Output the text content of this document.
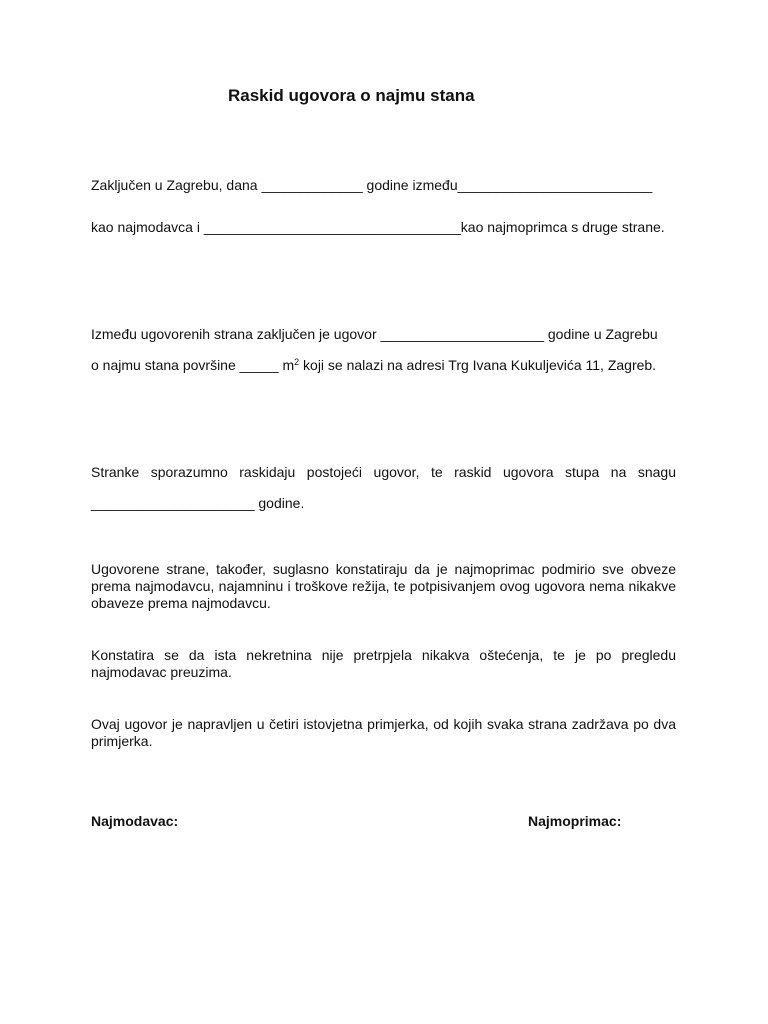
Raskid ugovora o najmu stana
Zaključen u Zagrebu, dana _____________ godine između_________________________
kao najmodavca i _________________________________kao najmoprimca s druge strane.
Između ugovorenih strana zaključen je ugovor _____________________ godine u Zagrebu
o najmu stana površine _____ $m^2$ koji se nalazi na adresi Trg Ivana Kukuljevića 11, Zagreb.
Stranke sporazumno raskidaju postojeći ugovor, te raskid ugovora stupa na snagu
_____________________ godine.
Ugovorene strane, također, suglasno konstatiraju da je najmoprimac podmirio sve obveze prema najmodavcu, najamninu i troškove režija, te potpisivanjem ovog ugovora nema nikakve obaveze prema najmodavcu.
Konstatira se da ista nekretnina nije pretrpjela nikakva oštećenja, te je po pregledu najmodavac preuzima.
Ovaj ugovor je napravljen u četiri istovjetna primjerka, od kojih svaka strana zadržava po dva primjerka.
Najmodavac:	Najmoprimac:
